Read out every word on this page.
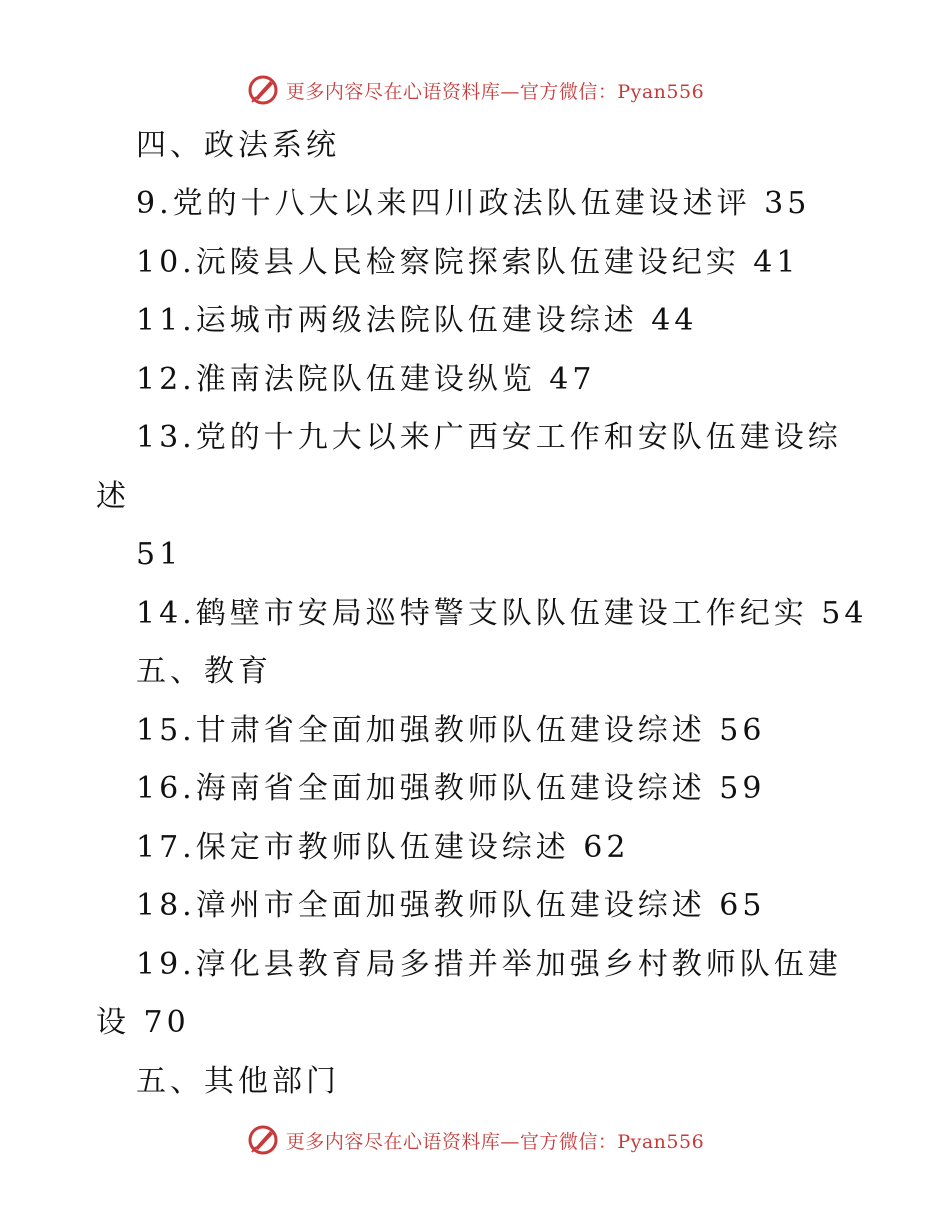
更多内容尽在心语资料库—官方微信：Pyan556
四、政法系统
9.党的十八大以来四川政法队伍建设述评 35
10.沅陵县人民检察院探索队伍建设纪实 41
11.运城市两级法院队伍建设综述 44
12.淮南法院队伍建设纵览 47
13.党的十九大以来广西安工作和安队伍建设综
述
51
14.鹤壁市安局巡特警支队队伍建设工作纪实 54
五、教育
15.甘肃省全面加强教师队伍建设综述 56
16.海南省全面加强教师队伍建设综述 59
17.保定市教师队伍建设综述 62
18.漳州市全面加强教师队伍建设综述 65
19.淳化县教育局多措并举加强乡村教师队伍建
设 70
五、其他部门
更多内容尽在心语资料库—官方微信：Pyan556
